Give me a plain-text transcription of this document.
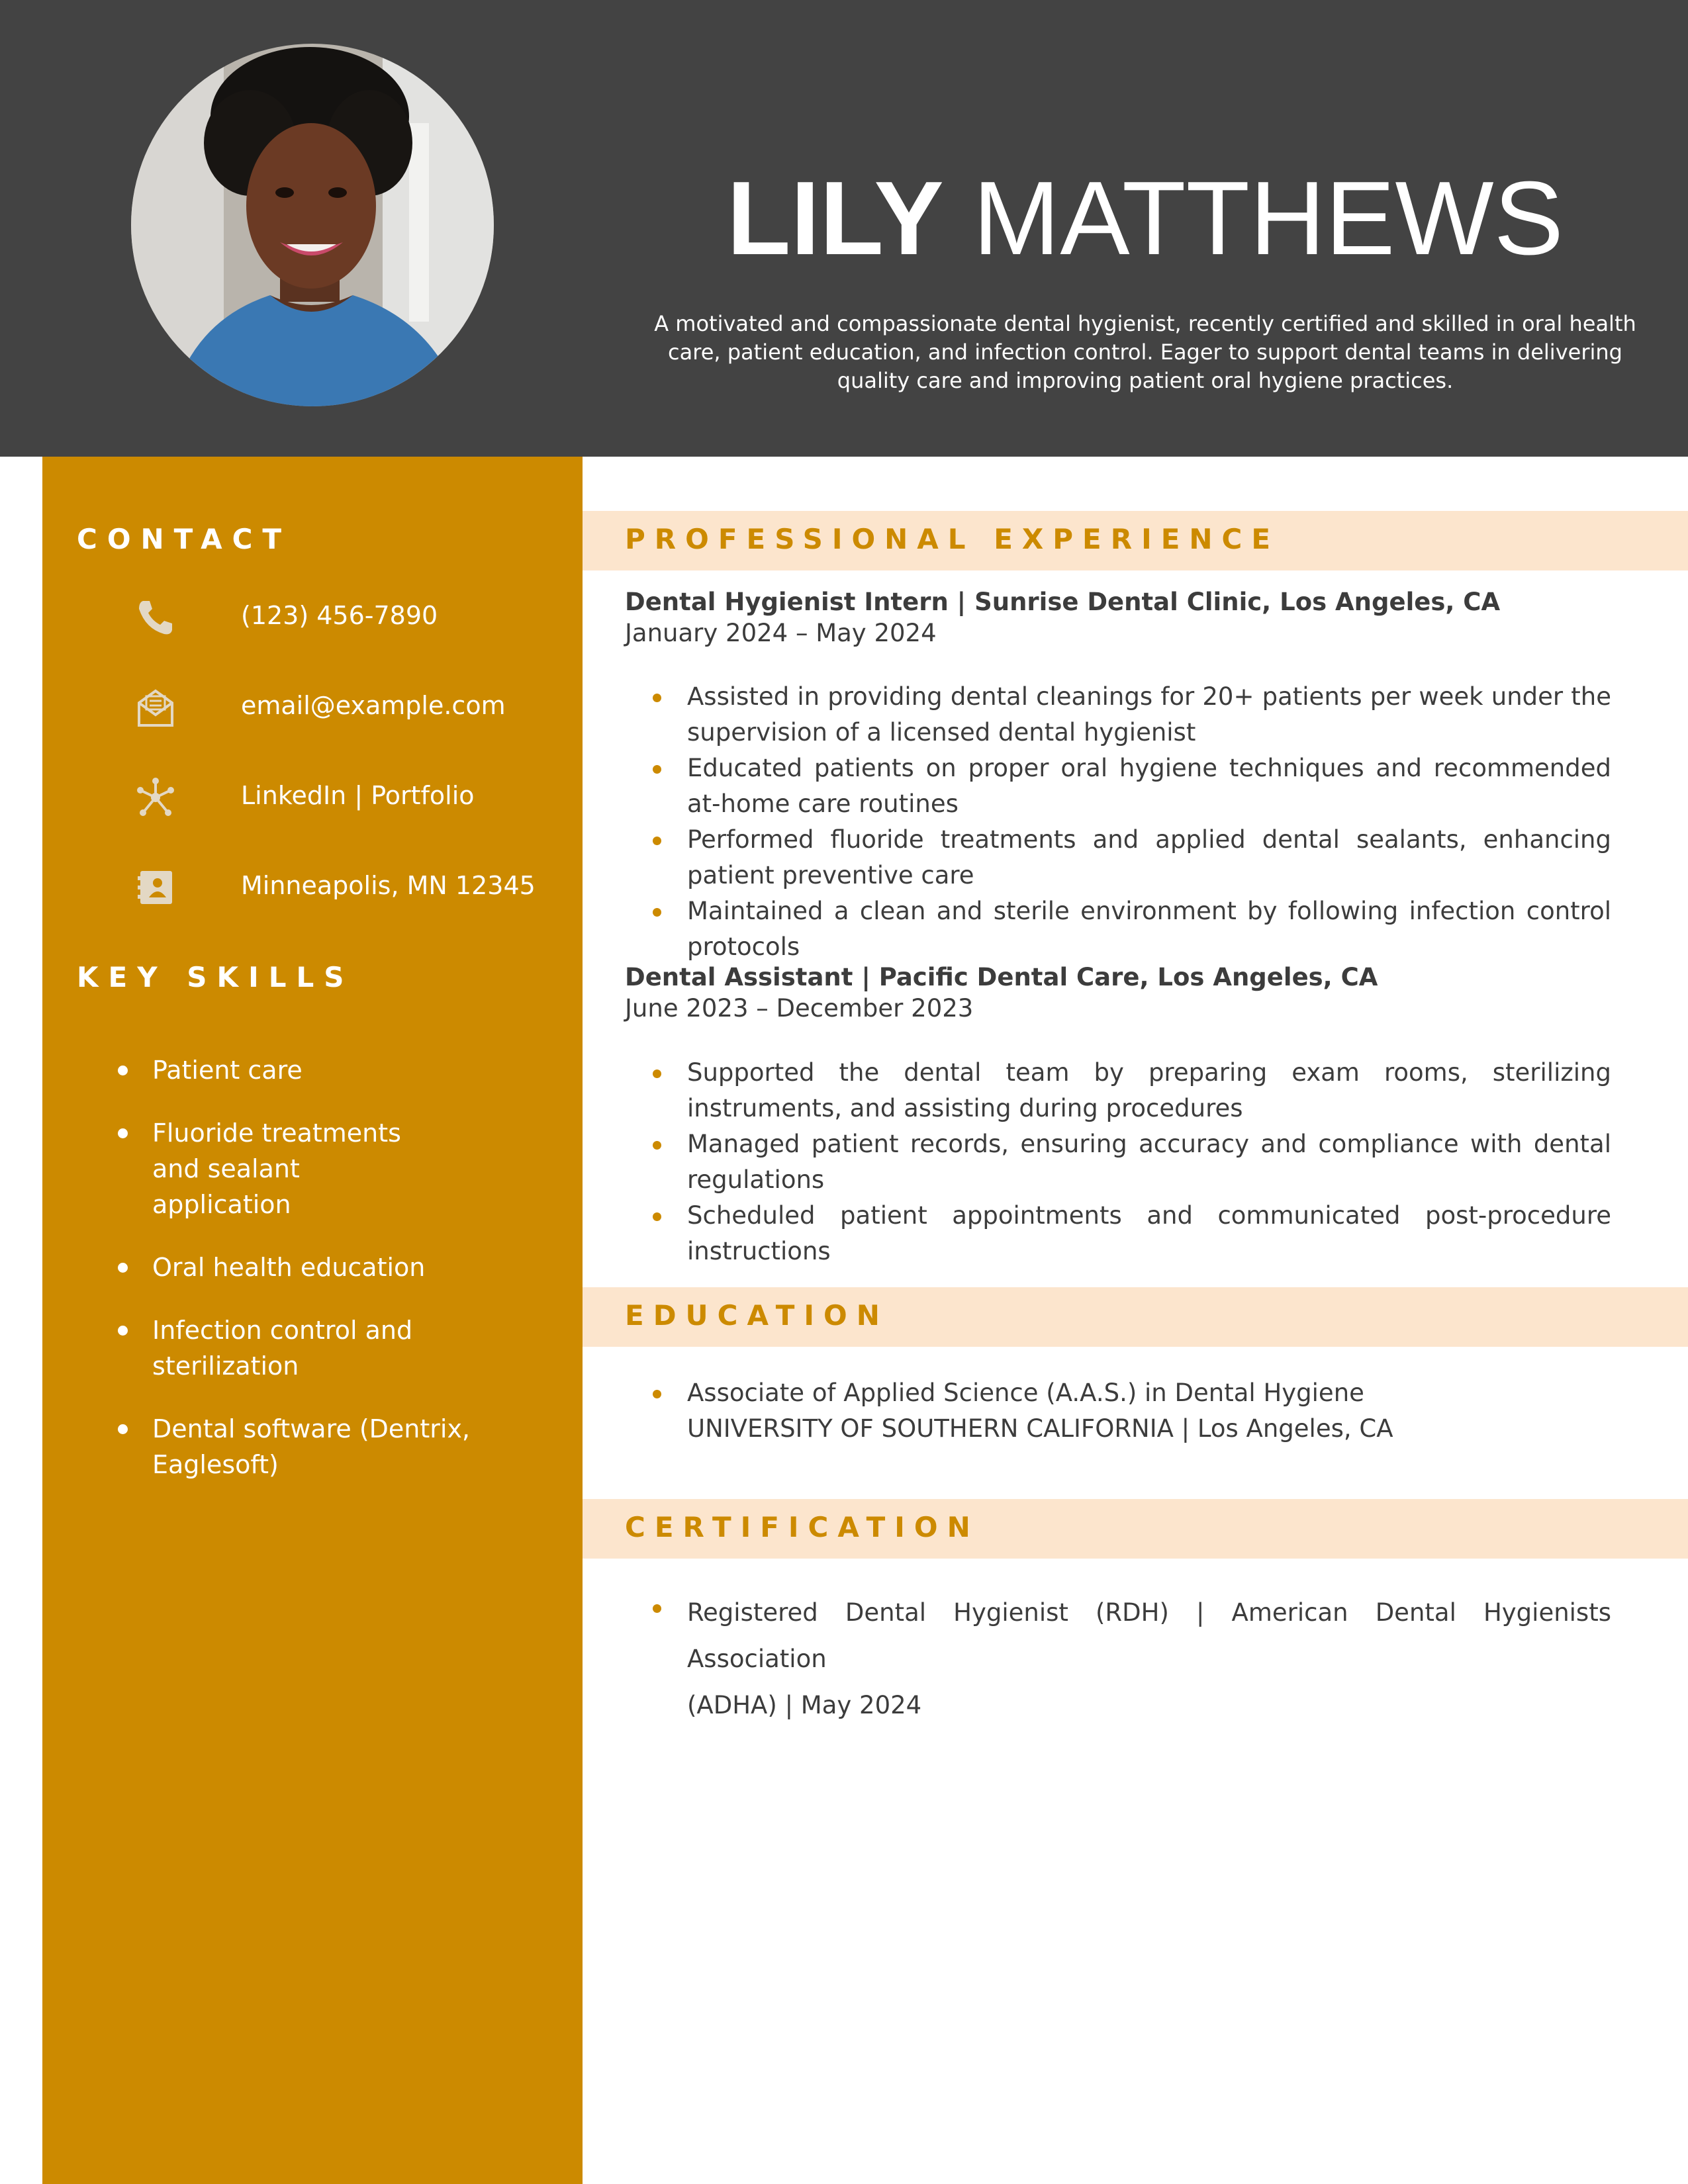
LILY MATTHEWS
A motivated and compassionate dental hygienist, recently certified and skilled in oral health care, patient education, and infection control. Eager to support dental teams in delivering quality care and improving patient oral hygiene practices.
CONTACT
(123) 456-7890
email@example.com
LinkedIn | Portfolio
Minneapolis, MN 12345
KEY SKILLS
Patient care
Fluoride treatments and sealant application
Oral health education
Infection control and sterilization
Dental software (Dentrix, Eaglesoft)
PROFESSIONAL EXPERIENCE
Dental Hygienist Intern | Sunrise Dental Clinic, Los Angeles, CA
January 2024 – May 2024
Assisted in providing dental cleanings for 20+ patients per week under the supervision of a licensed dental hygienist
Educated patients on proper oral hygiene techniques and recommended at-home care routines
Performed fluoride treatments and applied dental sealants, enhancing patient preventive care
Maintained a clean and sterile environment by following infection control protocols
Dental Assistant | Pacific Dental Care, Los Angeles, CA
June 2023 – December 2023
Supported the dental team by preparing exam rooms, sterilizing instruments, and assisting during procedures
Managed patient records, ensuring accuracy and compliance with dental regulations
Scheduled patient appointments and communicated post-procedure instructions
EDUCATION
Associate of Applied Science (A.A.S.) in Dental Hygiene
UNIVERSITY OF SOUTHERN CALIFORNIA | Los Angeles, CA
CERTIFICATION
Registered Dental Hygienist (RDH) | American Dental Hygienists Association
(ADHA) | May 2024
